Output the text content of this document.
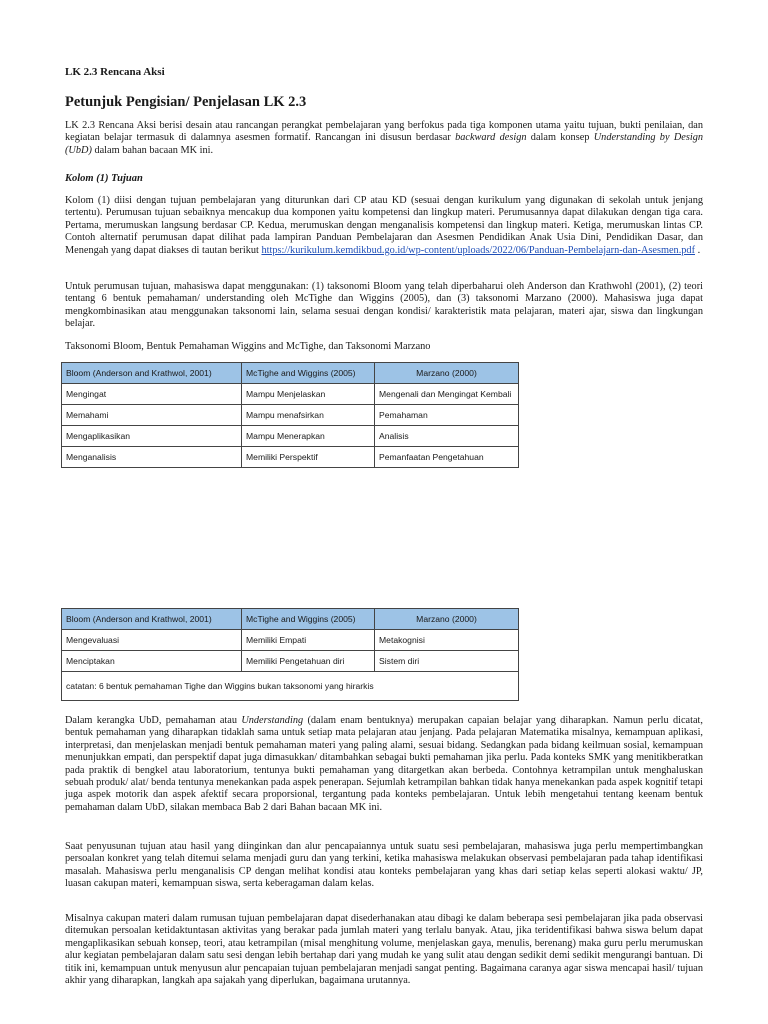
LK 2.3 Rencana Aksi
Petunjuk Pengisian/ Penjelasan LK 2.3

LK 2.3 Rencana Aksi berisi desain atau rancangan perangkat pembelajaran yang berfokus pada tiga komponen utama yaitu tujuan, bukti penilaian, dan kegiatan belajar termasuk di dalamnya asesmen formatif. Rancangan ini disusun berdasar backward design dalam konsep Understanding by Design (UbD) dalam bahan bacaan MK ini.

Kolom (1) Tujuan

Kolom (1) diisi dengan tujuan pembelajaran yang diturunkan dari CP atau KD (sesuai dengan kurikulum yang digunakan di sekolah untuk jenjang tertentu). Perumusan tujuan sebaiknya mencakup dua komponen yaitu kompetensi dan lingkup materi. Perumusannya dapat dilakukan dengan tiga cara. Pertama, merumuskan langsung berdasar CP. Kedua, merumuskan dengan menganalisis kompetensi dan lingkup materi. Ketiga, merumuskan lintas CP. Contoh alternatif perumusan dapat dilihat pada lampiran Panduan Pembelajaran dan Asesmen Pendidikan Anak Usia Dini, Pendidikan Dasar, dan Menengah yang dapat diakses di tautan berikut https://kurikulum.kemdikbud.go.id/wp-content/uploads/2022/06/Panduan-Pembelajarn-dan-Asesmen.pdf .

Untuk perumusan tujuan, mahasiswa dapat menggunakan: (1) taksonomi Bloom yang telah diperbaharui oleh Anderson dan Krathwohl (2001), (2) teori tentang 6 bentuk pemahaman/ understanding oleh McTighe dan Wiggins (2005), dan (3) taksonomi Marzano (2000). Mahasiswa juga dapat mengkombinasikan atau menggunakan taksonomi lain, selama sesuai dengan kondisi/ karakteristik mata pelajaran, materi ajar, siswa dan lingkungan belajar.

Taksonomi Bloom, Bentuk Pemahaman Wiggins and McTighe, dan Taksonomi Marzano

Bloom (Anderson and Krathwol, 2001)	McTighe and Wiggins (2005)	Marzano (2000)
Mengingat	Mampu Menjelaskan	Mengenali dan Mengingat Kembali
Memahami	Mampu menafsirkan	Pemahaman
Mengaplikasikan	Mampu Menerapkan	Analisis
Menganalisis	Memiliki Perspektif	Pemanfaatan Pengetahuan
Bloom (Anderson and Krathwol, 2001)	McTighe and Wiggins (2005)	Marzano (2000)
Mengevaluasi	Memiliki Empati	Metakognisi
Menciptakan	Memiliki Pengetahuan diri	Sistem diri
catatan: 6 bentuk pemahaman Tighe dan Wiggins bukan taksonomi yang hirarkis		

Dalam kerangka UbD, pemahaman atau Understanding (dalam enam bentuknya) merupakan capaian belajar yang diharapkan. Namun perlu dicatat, bentuk pemahaman yang diharapkan tidaklah sama untuk setiap mata pelajaran atau jenjang. Pada pelajaran Matematika misalnya, kemampuan aplikasi, interpretasi, dan menjelaskan menjadi bentuk pemahaman materi yang paling alami, sesuai bidang. Sedangkan pada bidang keilmuan sosial, kemampuan menunjukkan empati, dan perspektif dapat juga dimasukkan/ ditambahkan sebagai bukti pemahaman jika perlu. Pada konteks SMK yang menitikberatkan pada praktik di bengkel atau laboratorium, tentunya bukti pemahaman yang ditargetkan akan berbeda. Contohnya ketrampilan untuk menghaluskan sebuah produk/ alat/ benda tentunya menekankan pada aspek penerapan. Sejumlah ketrampilan bahkan tidak hanya menekankan pada aspek kognitif tetapi juga aspek motorik dan aspek afektif secara proporsional, tergantung pada konteks pembelajaran. Untuk lebih mengetahui tentang keenam bentuk pemahaman dalam UbD, silakan membaca Bab 2 dari Bahan bacaan MK ini.

Saat penyusunan tujuan atau hasil yang diinginkan dan alur pencapaiannya untuk suatu sesi pembelajaran, mahasiswa juga perlu mempertimbangkan persoalan konkret yang telah ditemui selama menjadi guru dan yang terkini, ketika mahasiswa melakukan observasi pembelajaran pada tahap identifikasi masalah. Mahasiswa perlu menganalisis CP dengan melihat kondisi atau konteks pembelajaran yang khas dari setiap kelas seperti alokasi waktu/ JP, luasan cakupan materi, kemampuan siswa, serta keberagaman dalam kelas.

Misalnya cakupan materi dalam rumusan tujuan pembelajaran dapat disederhanakan atau dibagi ke dalam beberapa sesi pembelajaran jika pada observasi ditemukan persoalan ketidaktuntasan aktivitas yang berakar pada jumlah materi yang terlalu banyak. Atau, jika teridentifikasi bahwa siswa belum dapat mengaplikasikan sebuah konsep, teori, atau ketrampilan (misal menghitung volume, menjelaskan gaya, menulis, berenang) maka guru perlu merumuskan alur kegiatan pembelajaran dalam satu sesi dengan lebih bertahap dari yang mudah ke yang sulit atau dengan sedikit demi sedikit mengurangi bantuan. Di titik ini, kemampuan untuk menyusun alur pencapaian tujuan pembelajaran menjadi sangat penting. Bagaimana caranya agar siswa mencapai hasil/ tujuan akhir yang diharapkan, langkah apa sajakah yang diperlukan, bagaimana urutannya.
